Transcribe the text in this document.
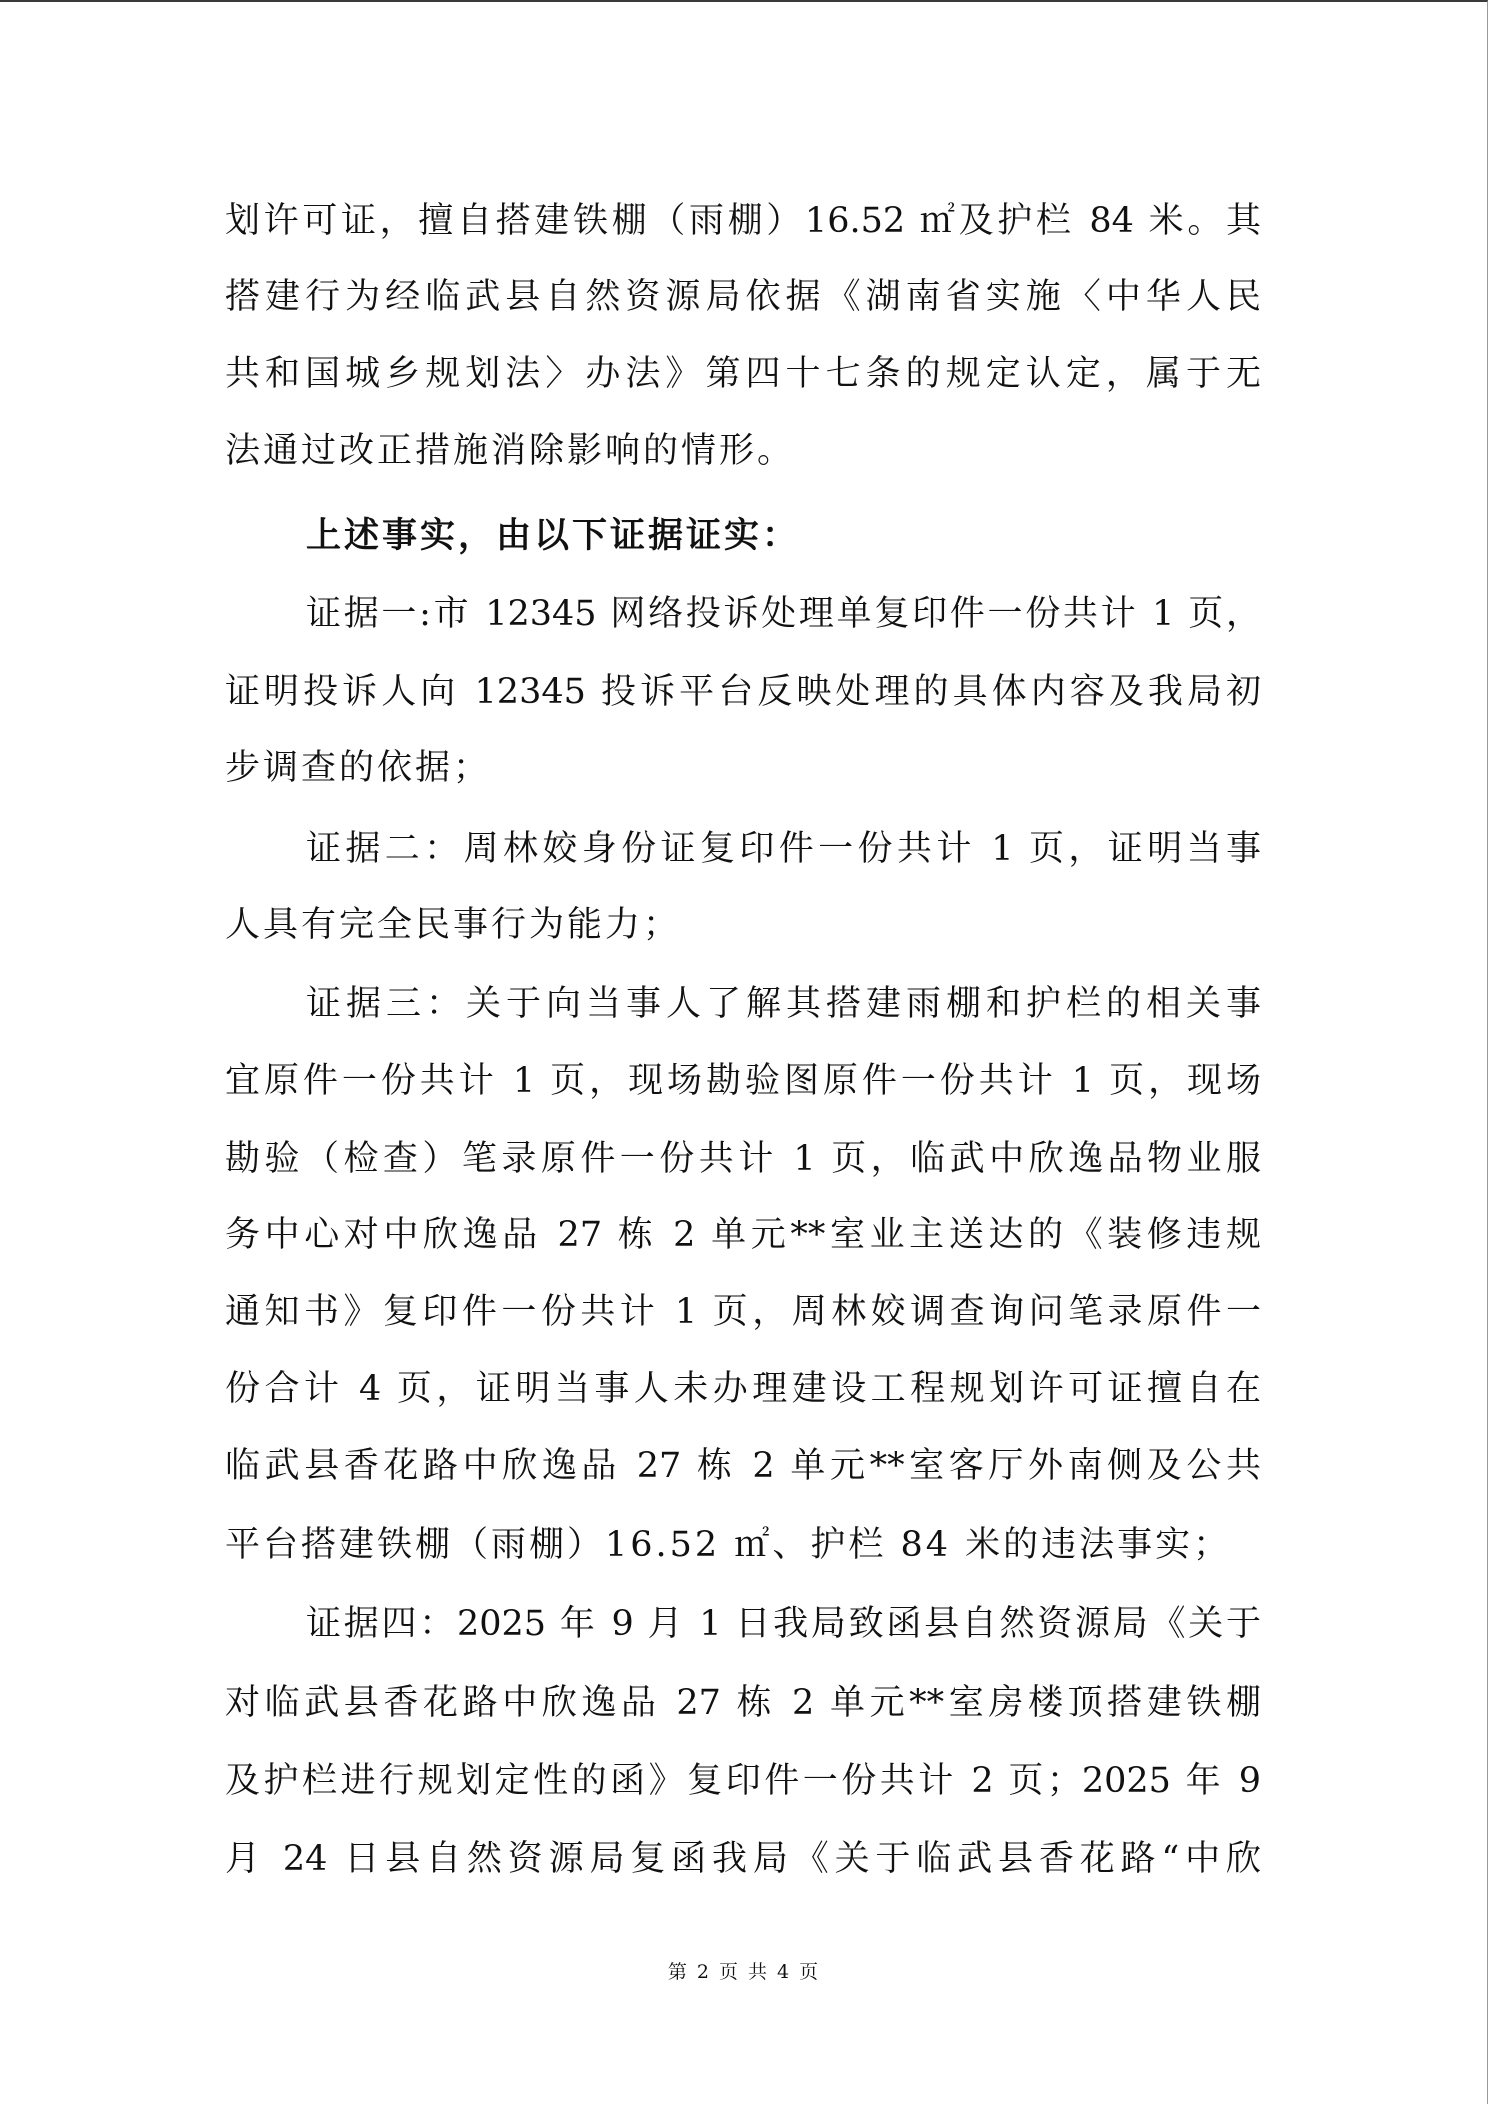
划许可证，擅自搭建铁棚（雨棚）16.52 ㎡及护栏 84 米。其
搭建行为经临武县自然资源局依据《湖南省实施〈中华人民
共和国城乡规划法〉办法》第四十七条的规定认定，属于无
法通过改正措施消除影响的情形。
上述事实，由以下证据证实：
证据一:市 12345 网络投诉处理单复印件一份共计 1 页，
证明投诉人向 12345 投诉平台反映处理的具体内容及我局初
步调查的依据；
证据二：周林姣身份证复印件一份共计 1 页，证明当事
人具有完全民事行为能力；
证据三：关于向当事人了解其搭建雨棚和护栏的相关事
宜原件一份共计 1 页，现场勘验图原件一份共计 1 页，现场
勘验（检查）笔录原件一份共计 1 页，临武中欣逸品物业服
务中心对中欣逸品 27 栋 2 单元**室业主送达的《装修违规
通知书》复印件一份共计 1 页，周林姣调查询问笔录原件一
份合计 4 页，证明当事人未办理建设工程规划许可证擅自在
临武县香花路中欣逸品 27 栋 2 单元**室客厅外南侧及公共
平台搭建铁棚（雨棚）16.52 ㎡、护栏 84 米的违法事实；
证据四：2025 年 9 月 1 日我局致函县自然资源局《关于
对临武县香花路中欣逸品 27 栋 2 单元**室房楼顶搭建铁棚
及护栏进行规划定性的函》复印件一份共计 2 页；2025 年 9
月 24 日县自然资源局复函我局《关于临武县香花路“中欣
第 2 页 共 4 页
